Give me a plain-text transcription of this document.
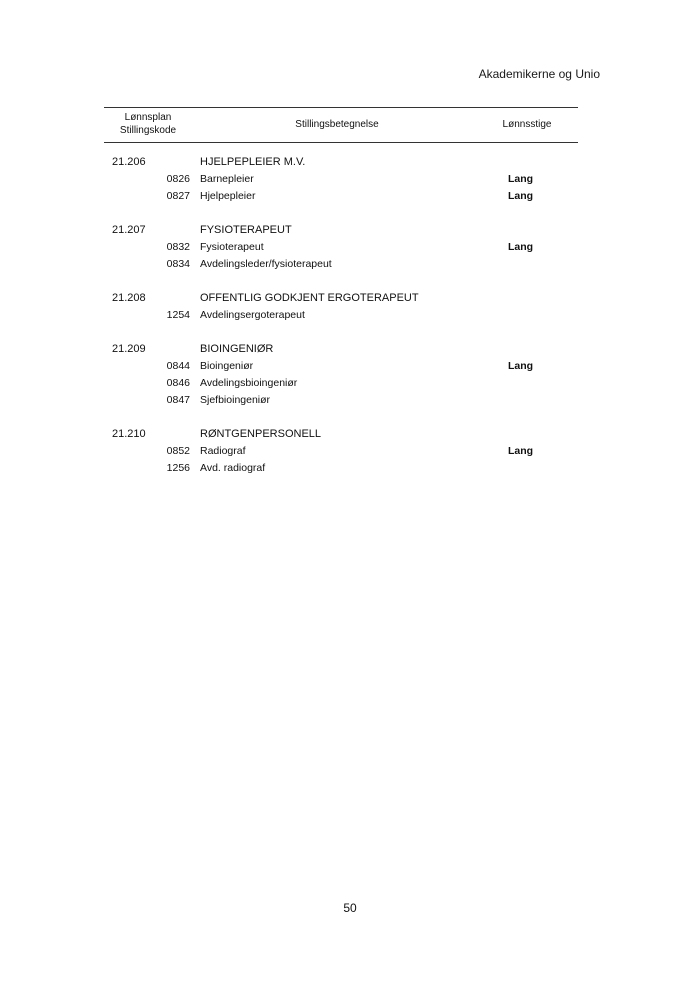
Akademikerne og Unio
Lønnsplan
Stillingskode
Stillingsbetegnelse	Lønnsstige
21.206	HJELPEPLEIER M.V.
0826 Barnepleier	Lang
0827 Hjelpepleier	Lang
21.207	FYSIOTERAPEUT
0832 Fysioterapeut	Lang
0834 Avdelingsleder/fysioterapeut
21.208	OFFENTLIG GODKJENT ERGOTERAPEUT
1254 Avdelingsergoterapeut
21.209	BIOINGENIØR
0844 Bioingeniør	Lang
0846 Avdelingsbioingeniør
0847 Sjefbioingeniør
21.210	RØNTGENPERSONELL
0852 Radiograf	Lang
1256 Avd. radiograf
50
